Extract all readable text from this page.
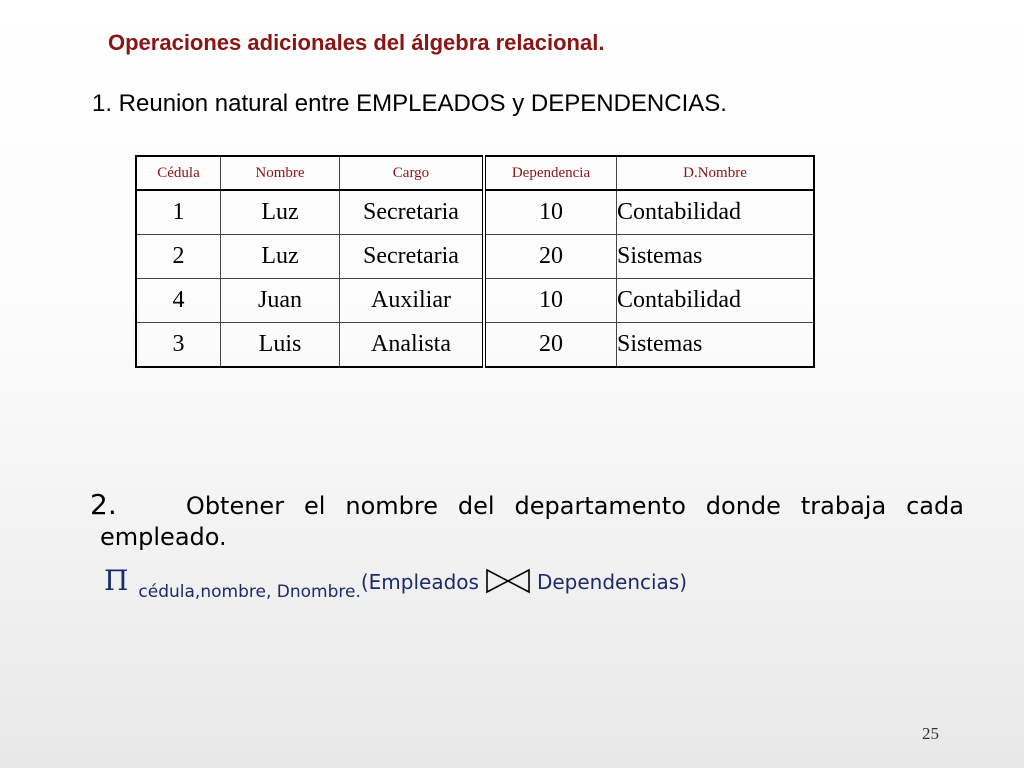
Operaciones adicionales del álgebra relacional.
1. Reunion natural entre EMPLEADOS y DEPENDENCIAS.
Cédula	Nombre	Cargo	Dependencia	D.Nombre
1	Luz	Secretaria	10	Contabilidad
2	Luz	Secretaria	20	Sistemas
4	Juan	Auxiliar	10	Contabilidad
3	Luis	Analista	20	Sistemas
2.	Obtener el nombre del departamento donde trabaja cada
empleado.
Π cédula,nombre, Dnombre. (Empleados	Dependencias)
25
